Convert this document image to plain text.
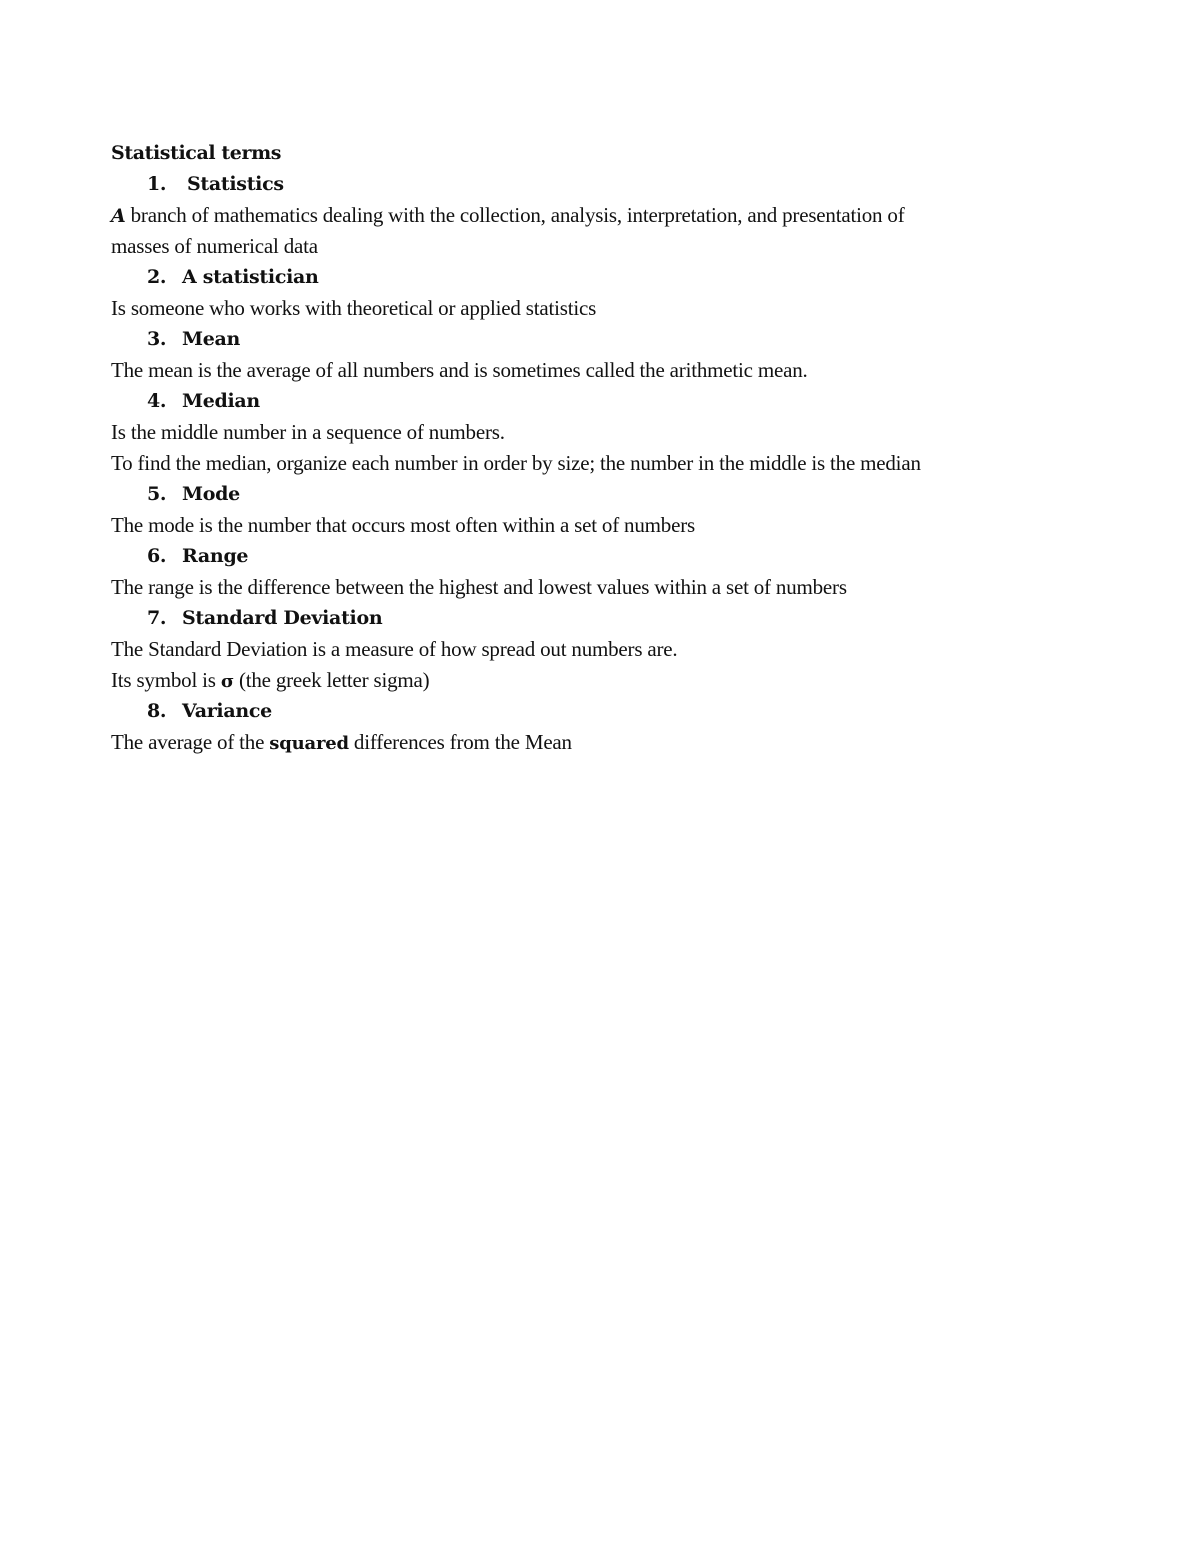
Statistical terms

1. Statistics

A branch of mathematics dealing with the collection, analysis, interpretation, and presentation of

masses of numerical data

2. A statistician

Is someone who works with theoretical or applied statistics

3. Mean

The mean is the average of all numbers and is sometimes called the arithmetic mean.

4. Median

Is the middle number in a sequence of numbers.

To find the median, organize each number in order by size; the number in the middle is the median

5. Mode

The mode is the number that occurs most often within a set of numbers

6. Range

The range is the difference between the highest and lowest values within a set of numbers

7. Standard Deviation

The Standard Deviation is a measure of how spread out numbers are.

Its symbol is σ (the greek letter sigma)

8. Variance

The average of the squared differences from the Mean
